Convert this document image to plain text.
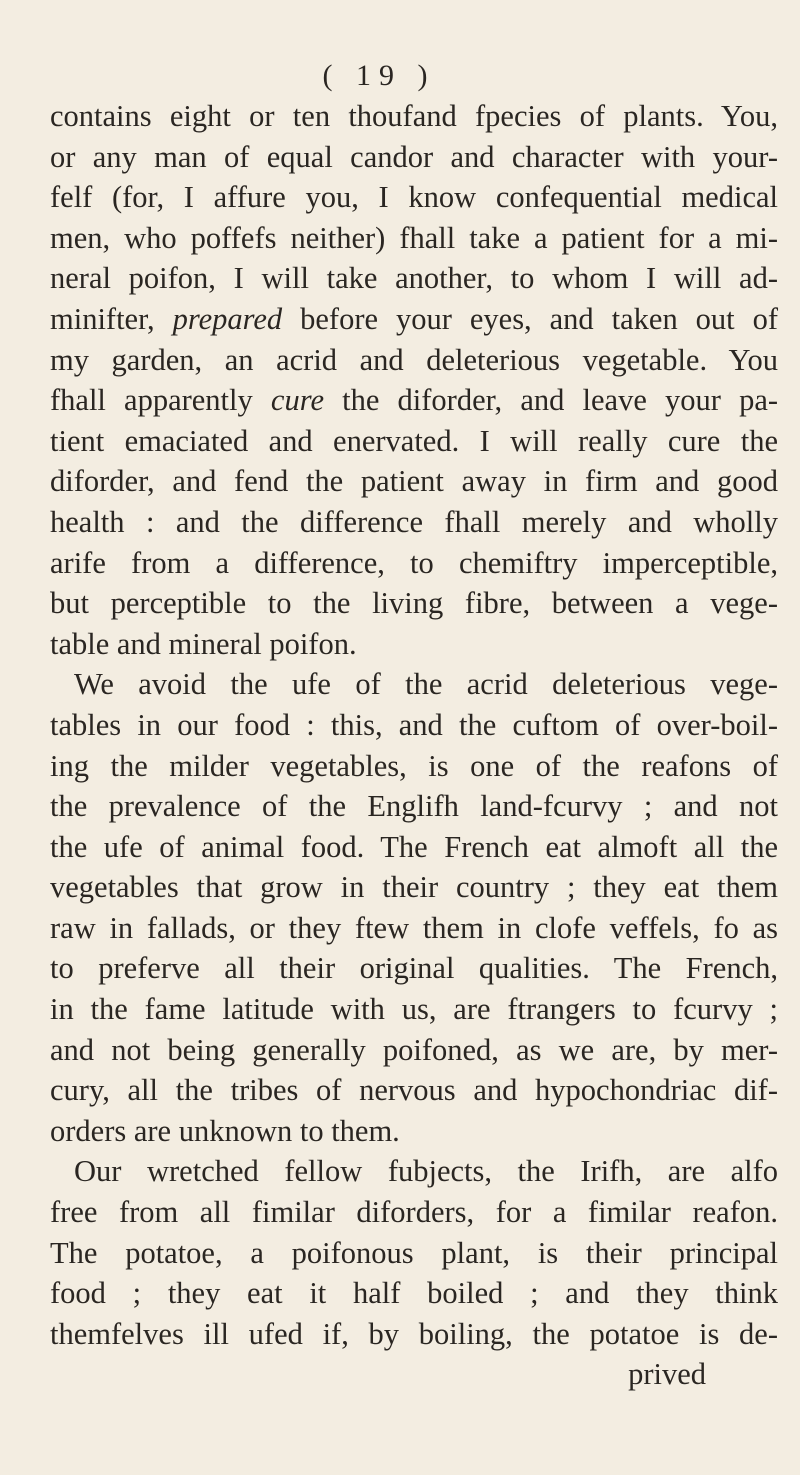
( 19 )
contains eight or ten thoufand fpecies of plants. You,
or any man of equal candor and character with your-
felf (for, I affure you, I know confequential medical
men, who poffefs neither) fhall take a patient for a mi-
neral poifon, I will take another, to whom I will ad-
minifter, prepared before your eyes, and taken out of
my garden, an acrid and deleterious vegetable. You
fhall apparently cure the diforder, and leave your pa-
tient emaciated and enervated. I will really cure the
diforder, and fend the patient away in firm and good
health : and the difference fhall merely and wholly
arife from a difference, to chemiftry imperceptible,
but perceptible to the living fibre, between a vege-
table and mineral poifon.
We avoid the ufe of the acrid deleterious vege-
tables in our food : this, and the cuftom of over-boil-
ing the milder vegetables, is one of the reafons of
the prevalence of the Englifh land-fcurvy ; and not
the ufe of animal food. The French eat almoft all the
vegetables that grow in their country ; they eat them
raw in fallads, or they ftew them in clofe veffels, fo as
to preferve all their original qualities. The French,
in the fame latitude with us, are ftrangers to fcurvy ;
and not being generally poifoned, as we are, by mer-
cury, all the tribes of nervous and hypochondriac dif-
orders are unknown to them.
Our wretched fellow fubjects, the Irifh, are alfo
free from all fimilar diforders, for a fimilar reafon.
The potatoe, a poifonous plant, is their principal
food ; they eat it half boiled ; and they think
themfelves ill ufed if, by boiling, the potatoe is de-
prived
